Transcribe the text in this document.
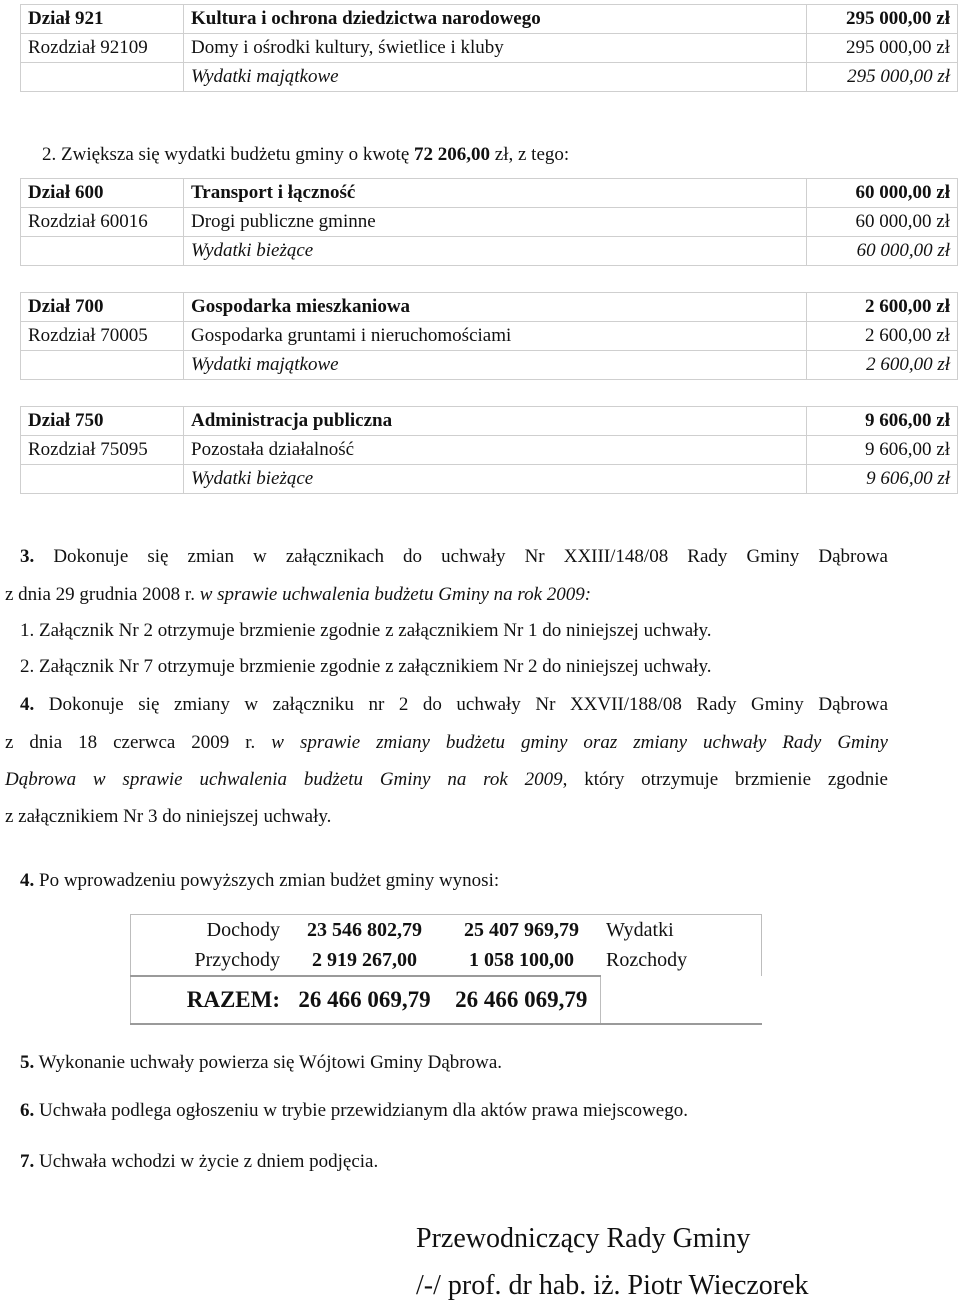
Dział 921	Kultura i ochrona dziedzictwa narodowego	295 000,00 zł
Rozdział 92109	Domy i ośrodki kultury, świetlice i kluby	295 000,00 zł
	Wydatki majątkowe	295 000,00 zł
2. Zwiększa się wydatki budżetu gminy o kwotę 72 206,00 zł, z tego:
Dział 600	Transport i łączność	60 000,00 zł
Rozdział 60016	Drogi publiczne gminne	60 000,00 zł
	Wydatki bieżące	60 000,00 zł
Dział 700	Gospodarka mieszkaniowa	2 600,00 zł
Rozdział 70005	Gospodarka gruntami i nieruchomościami	2 600,00 zł
	Wydatki majątkowe	2 600,00 zł
Dział 750	Administracja publiczna	9 606,00 zł
Rozdział 75095	Pozostała działalność	9 606,00 zł
	Wydatki bieżące	9 606,00 zł
3. Dokonuje się zmian w załącznikach do uchwały Nr XXIII/148/08 Rady Gminy Dąbrowa
z dnia 29 grudnia 2008 r. w sprawie uchwalenia budżetu Gminy na rok 2009:
1. Załącznik Nr 2 otrzymuje brzmienie zgodnie z załącznikiem Nr 1 do niniejszej uchwały.
2. Załącznik Nr 7 otrzymuje brzmienie zgodnie z załącznikiem Nr 2 do niniejszej uchwały.
4. Dokonuje się zmiany w załączniku nr 2 do uchwały Nr XXVII/188/08 Rady Gminy Dąbrowa
z dnia 18 czerwca 2009 r. w sprawie zmiany budżetu gminy oraz zmiany uchwały Rady Gminy
Dąbrowa w sprawie uchwalenia budżetu Gminy na rok 2009, który otrzymuje brzmienie zgodnie
z załącznikiem Nr 3 do niniejszej uchwały.
4. Po wprowadzeniu powyższych zmian budżet gminy wynosi:
Dochody	23 546 802,79	25 407 969,79	Wydatki
Przychody	2 919 267,00	1 058 100,00	Rozchody
RAZEM:	26 466 069,79	26 466 069,79	
5. Wykonanie uchwały powierza się Wójtowi Gminy Dąbrowa.
6. Uchwała podlega ogłoszeniu w trybie przewidzianym dla aktów prawa miejscowego.
7. Uchwała wchodzi w życie z dniem podjęcia.
Przewodniczący Rady Gminy
/-/ prof. dr hab. iż. Piotr Wieczorek
